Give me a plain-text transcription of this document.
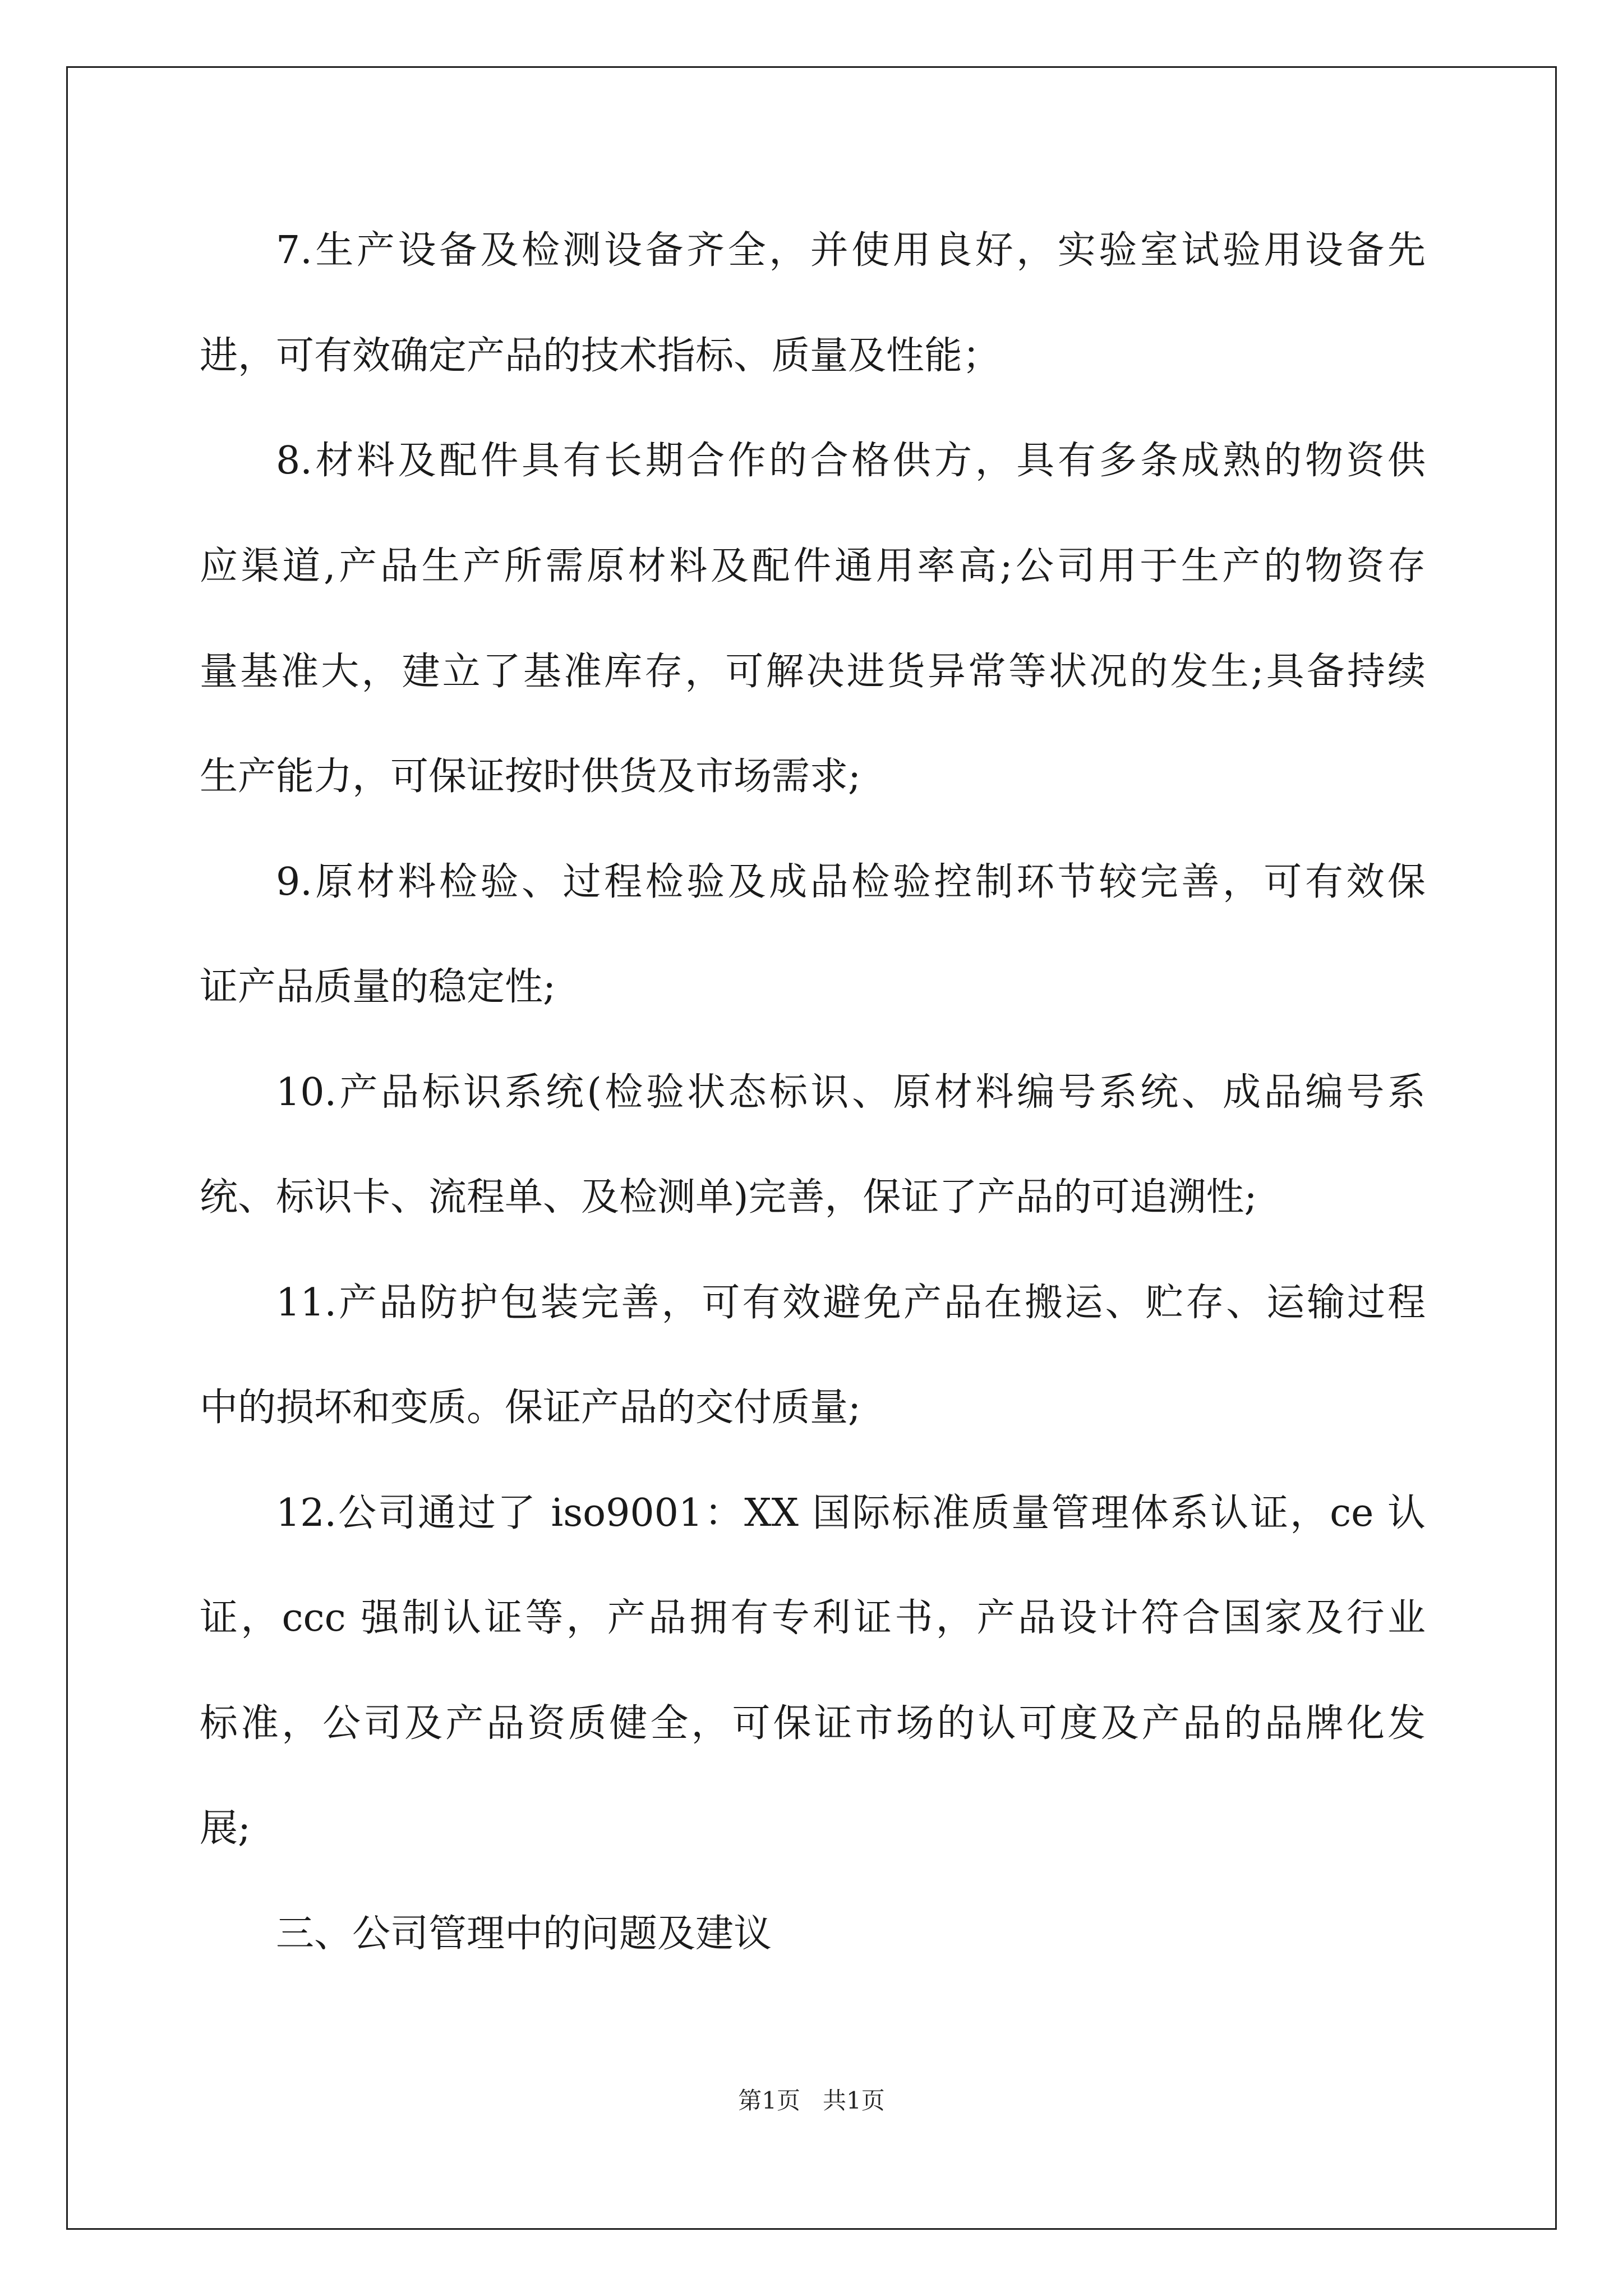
7.生产设备及检测设备齐全，并使用良好，实验室试验用设备先
进，可有效确定产品的技术指标、质量及性能；
8.材料及配件具有长期合作的合格供方，具有多条成熟的物资供
应渠道,产品生产所需原材料及配件通用率高;公司用于生产的物资存
量基准大，建立了基准库存，可解决进货异常等状况的发生;具备持续
生产能力，可保证按时供货及市场需求;
9.原材料检验、过程检验及成品检验控制环节较完善，可有效保
证产品质量的稳定性;
10.产品标识系统(检验状态标识、原材料编号系统、成品编号系
统、标识卡、流程单、及检测单)完善，保证了产品的可追溯性;
11.产品防护包装完善，可有效避免产品在搬运、贮存、运输过程
中的损坏和变质。保证产品的交付质量;
12.公司通过了 iso9001：XX 国际标准质量管理体系认证，ce 认
证，ccc 强制认证等，产品拥有专利证书，产品设计符合国家及行业
标准，公司及产品资质健全，可保证市场的认可度及产品的品牌化发
展;
三、公司管理中的问题及建议
第1页 共1页
